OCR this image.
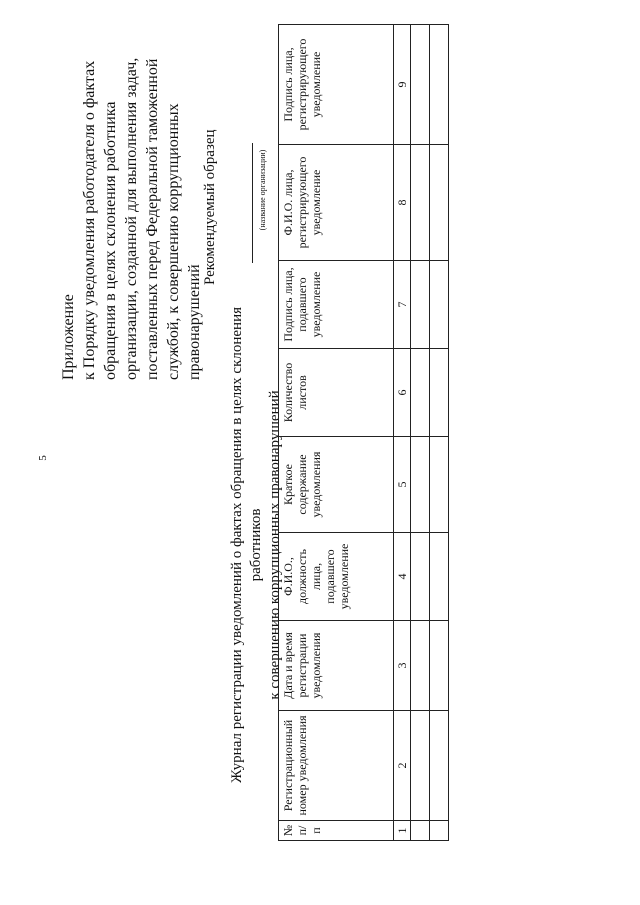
5
Приложение к Порядку уведомления работодателя о фактах обращения в целях склонения работника организации, созданной для выполнения задач, поставленных перед Федеральной таможенной службой, к совершению коррупционных правонарушений
Рекомендуемый образец
Журнал регистрации уведомлений о фактах обращения в целях склонения работников к совершению коррупционных правонарушений
(название организации)
№ п/п	Регистрационный номер уведомления	Дата и время регистрации уведомления	Ф.И.О., должность лица, подавшего уведомление	Краткое содержание уведомления	Количество листов	Подпись лица, подавшего уведомление	Ф.И.О. лица, регистрирующего уведомление	Подпись лица, регистрирующего уведомление
1	2	3	4	5	6	7	8	9
